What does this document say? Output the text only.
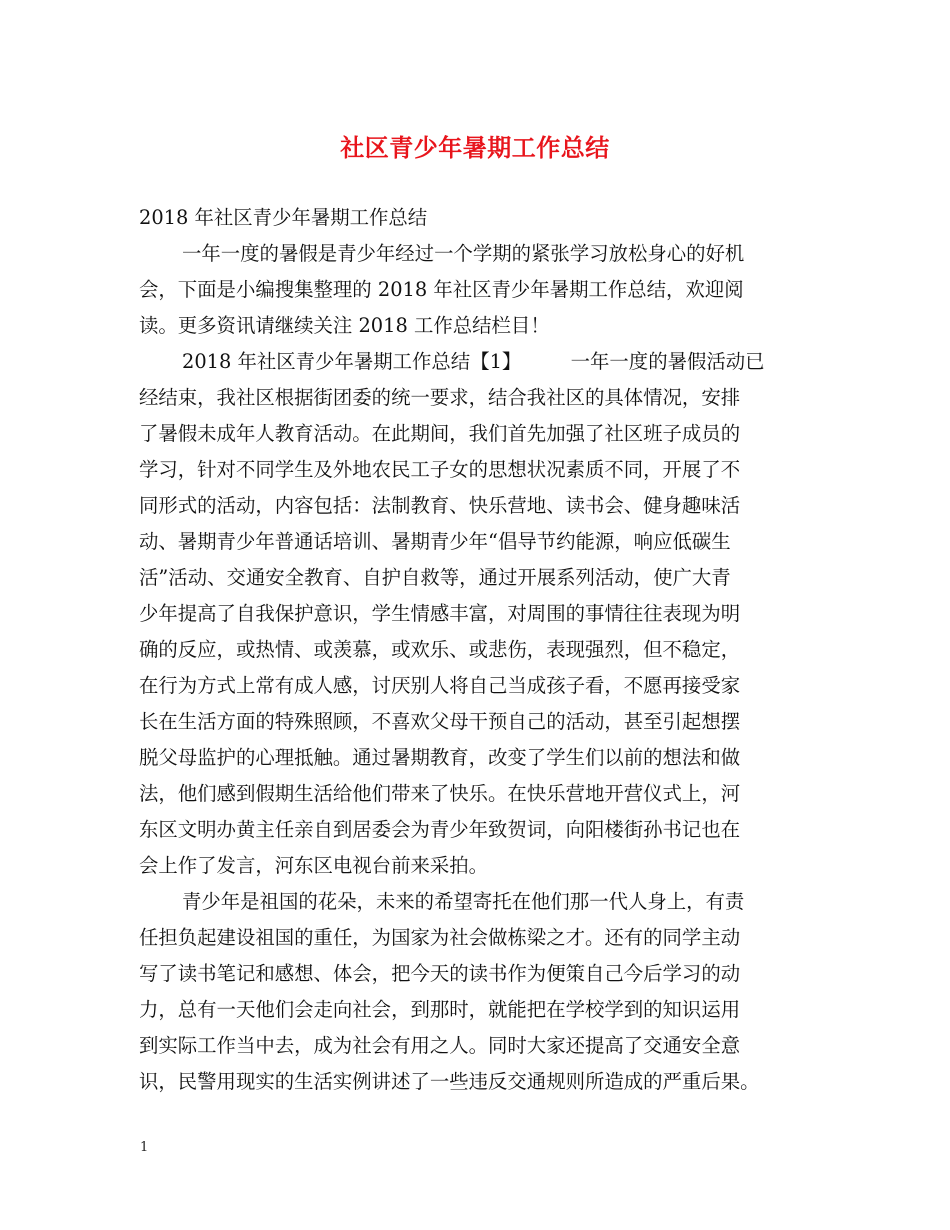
社区青少年暑期工作总结
2018 年社区青少年暑期工作总结
一年一度的暑假是青少年经过一个学期的紧张学习放松身心的好机
会，下面是小编搜集整理的 2018 年社区青少年暑期工作总结，欢迎阅
读。更多资讯请继续关注 2018 工作总结栏目！
2018 年社区青少年暑期工作总结【1】        一年一度的暑假活动已
经结束，我社区根据街团委的统一要求，结合我社区的具体情况，安排
了暑假未成年人教育活动。在此期间，我们首先加强了社区班子成员的
学习，针对不同学生及外地农民工子女的思想状况素质不同，开展了不
同形式的活动，内容包括：法制教育、快乐营地、读书会、健身趣味活
动、暑期青少年普通话培训、暑期青少年“倡导节约能源，响应低碳生
活”活动、交通安全教育、自护自救等，通过开展系列活动，使广大青
少年提高了自我保护意识，学生情感丰富，对周围的事情往往表现为明
确的反应，或热情、或羡慕，或欢乐、或悲伤，表现强烈，但不稳定，
在行为方式上常有成人感，讨厌别人将自己当成孩子看，不愿再接受家
长在生活方面的特殊照顾，不喜欢父母干预自己的活动，甚至引起想摆
脱父母监护的心理抵触。通过暑期教育，改变了学生们以前的想法和做
法，他们感到假期生活给他们带来了快乐。在快乐营地开营仪式上，河
东区文明办黄主任亲自到居委会为青少年致贺词，向阳楼街孙书记也在
会上作了发言，河东区电视台前来采拍。
青少年是祖国的花朵，未来的希望寄托在他们那一代人身上，有责
任担负起建设祖国的重任，为国家为社会做栋梁之才。还有的同学主动
写了读书笔记和感想、体会，把今天的读书作为便策自己今后学习的动
力，总有一天他们会走向社会，到那时，就能把在学校学到的知识运用
到实际工作当中去，成为社会有用之人。同时大家还提高了交通安全意
识，民警用现实的生活实例讲述了一些违反交通规则所造成的严重后果。
1
